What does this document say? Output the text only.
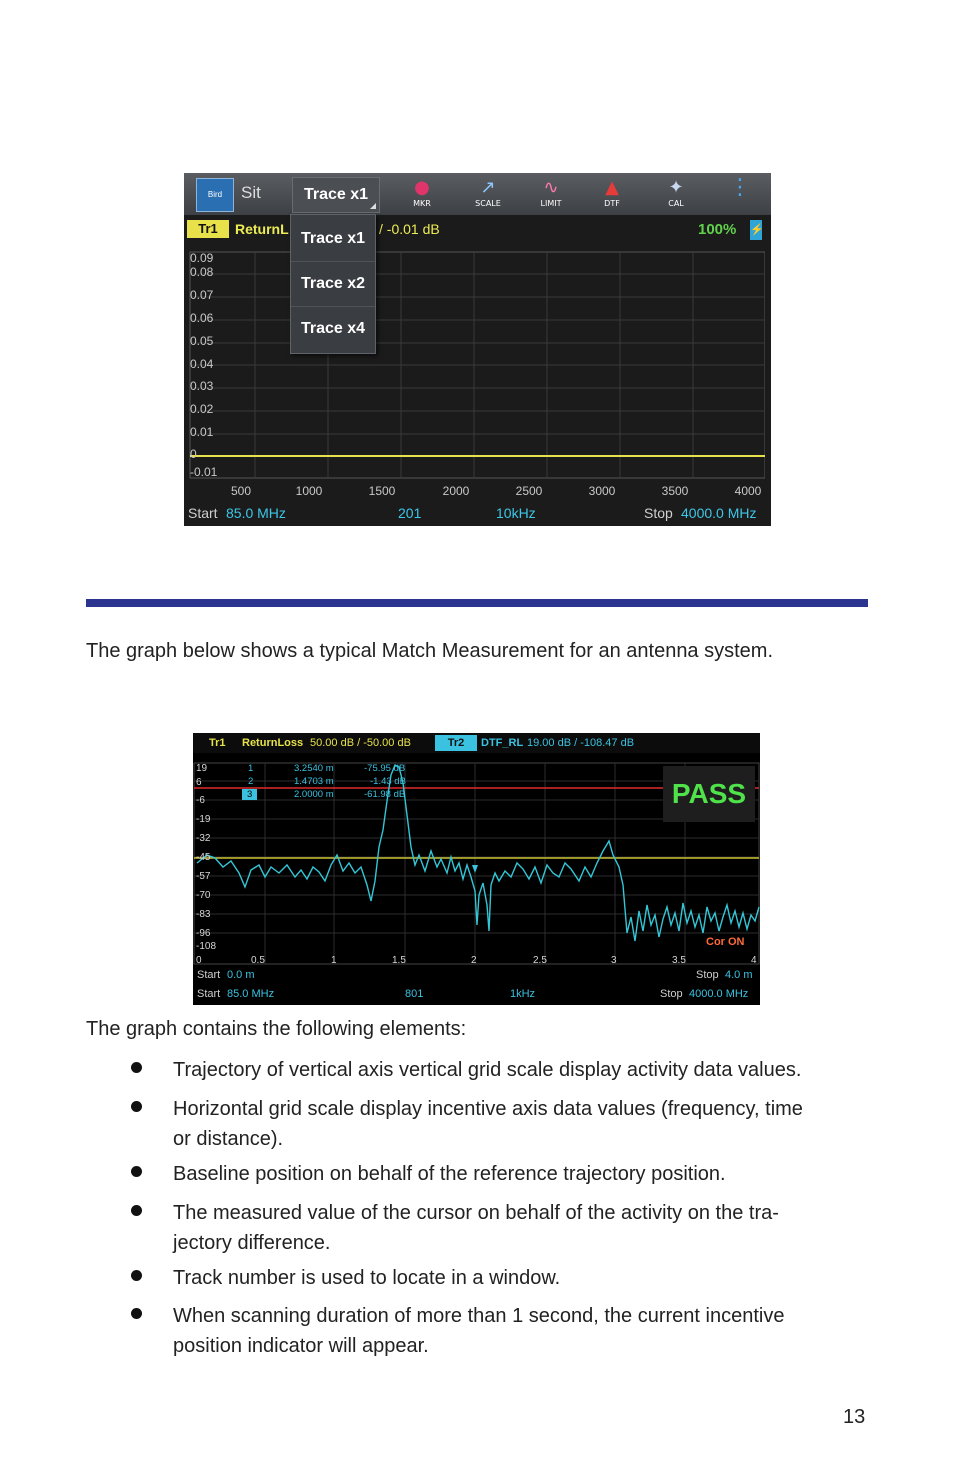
Bird	Sit	Trace x1	●
MKR
↗
SCALE
∿
LIMIT
▲
DTF
✦
CAL
⋮
Tr1	ReturnL	/ -0.01 dB	100% ⚡
0.09
0.08
0.07
0.06
0.05
0.04
0.03
0.02
0.01
0
-0.01
500	1000	1500	2000	2500	3000	3500	4000
Start 85.0 MHz	201	10kHz	Stop 4000.0 MHz
Trace x1
Trace x2
Trace x4
The graph below shows a typical Match Measurement for an antenna system.
Tr1 ReturnLoss 50.00 dB / -50.00 dB	Tr2	DTF_RL 19.00 dB / -108.47 dB
19
6
-6
-19
-32
-45
-57
-70
-83
-96
-108
0	0.5	1	1.5	2	2.5	3	3.5	4
1	3.2540 m	-75.95 dB
2	1.4703 m	-1.43 dB
3	2.0000 m	-61.98 dB	PASS
Cor ON
Start 0.0 m	Stop 4.0 m
Start 85.0 MHz	801	1kHz	Stop 4000.0 MHz
The graph contains the following elements:
Trajectory of vertical axis vertical grid scale display activity data values.
Horizontal grid scale display incentive axis data values (frequency, time
or distance).
Baseline position on behalf of the reference trajectory position.
The measured value of the cursor on behalf of the activity on the tra-
jectory difference.
Track number is used to locate in a window.
When scanning duration of more than 1 second, the current incentive
position indicator will appear.
13
